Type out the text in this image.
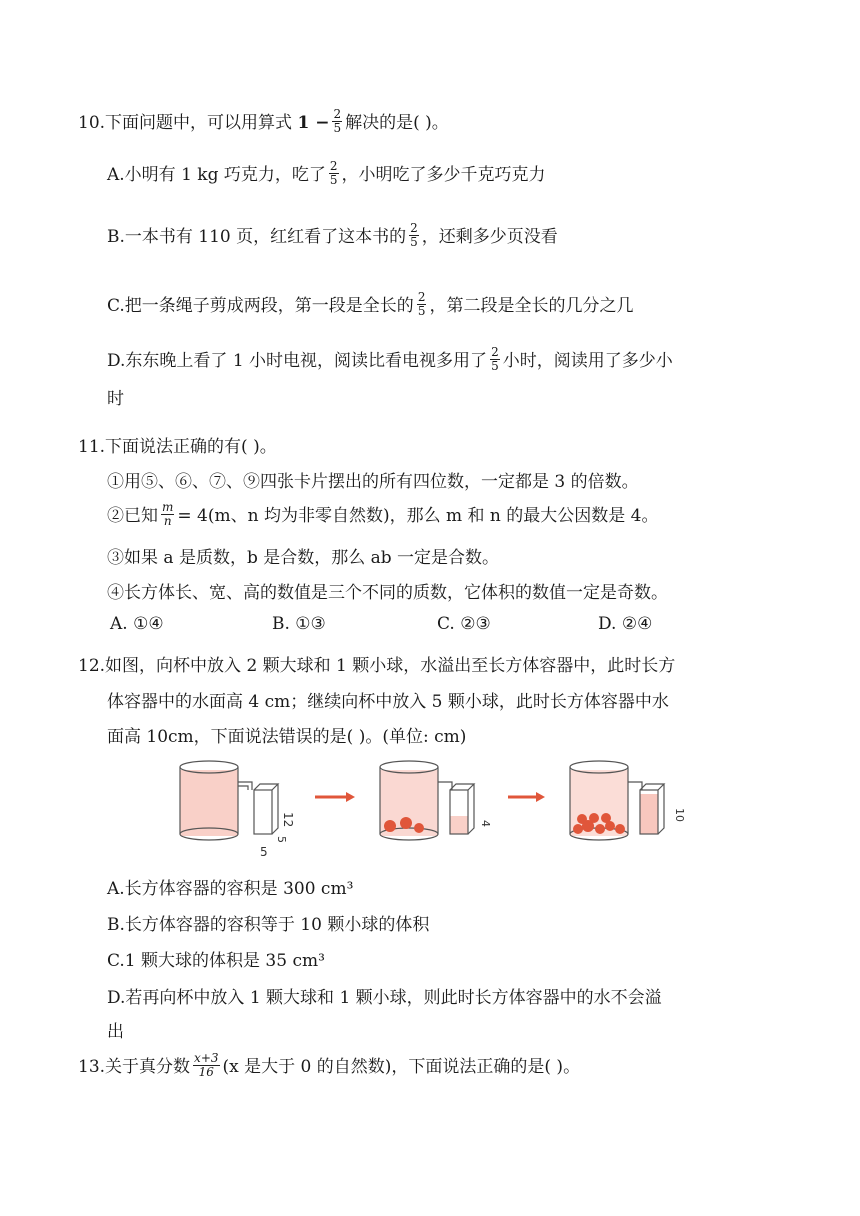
10.下面问题中，可以用算式 $1 - \frac{2}{5}$ 解决的是( )。
A.小明有 1 kg 巧克力，吃了 $\frac{2}{5}$ ，小明吃了多少千克巧克力
B.一本书有 110 页，红红看了这本书的 $\frac{2}{5}$ ，还剩多少页没看
C.把一条绳子剪成两段，第一段是全长的 $\frac{2}{5}$ ，第二段是全长的几分之几
D.东东晚上看了 1 小时电视，阅读比看电视多用了 $\frac{2}{5}$ 小时，阅读用了多少小
时
11.下面说法正确的有( )。
①用⑤、⑥、⑦、⑨四张卡片摆出的所有四位数，一定都是 3 的倍数。
②已知 $\frac{m}{n} = 4(m$、n 均为非零自然数)，那么 m 和 n 的最大公因数是 4。
③如果 a 是质数，b 是合数，那么 ab 一定是合数。
④长方体长、宽、高的数值是三个不同的质数，它体积的数值一定是奇数。
A. ①④	B. ①③	C. ②③	D. ②④
12.如图，向杯中放入 2 颗大球和 1 颗小球，水溢出至长方体容器中，此时长方
体容器中的水面高 4 cm；继续向杯中放入 5 颗小球，此时长方体容器中水
面高 10cm，下面说法错误的是( )。(单位: cm)
12
5
5
4
10
A.长方体容器的容积是 300 cm³
B.长方体容器的容积等于 10 颗小球的体积
C.1 颗大球的体积是 35 cm³
D.若再向杯中放入 1 颗大球和 1 颗小球，则此时长方体容器中的水不会溢
出
13.关于真分数 $\frac{x+3}{16} (x$ 是大于 0 的自然数)，下面说法正确的是( )。
